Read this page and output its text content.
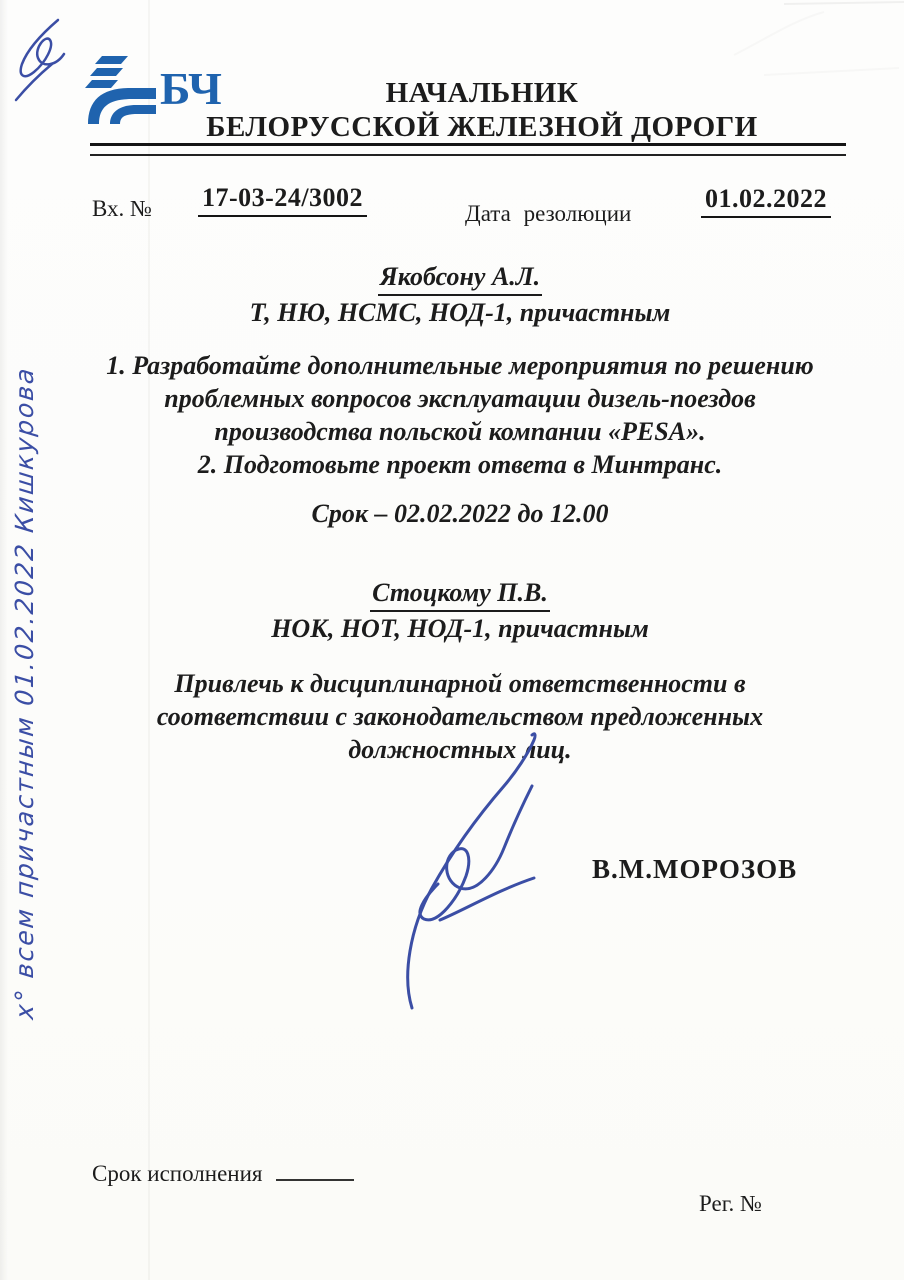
БЧ	НАЧАЛЬНИК
БЕЛОРУССКОЙ ЖЕЛЕЗНОЙ ДОРОГИ
Вх. № 17-03-24/3002
Дата резолюции
01.02.2022

Якобсону А.Л.

Т, НЮ, НСМС, НОД-1, причастным

1. Разработайте дополнительные мероприятия по решению проблемных вопросов эксплуатации дизель-поездов производства польской компании «PESA».

2. Подготовьте проект ответа в Минтранс.

Срок – 02.02.2022 до 12.00

Стоцкому П.В.

НОК, НОТ, НОД-1, причастным

Привлечь к дисциплинарной ответственности в соответствии с законодательством предложенных должностных лиц.

В.М.МОРОЗОВ
Срок исполнения
Рег. №
х° всем причастным 01.02.2022 Кишкурова
